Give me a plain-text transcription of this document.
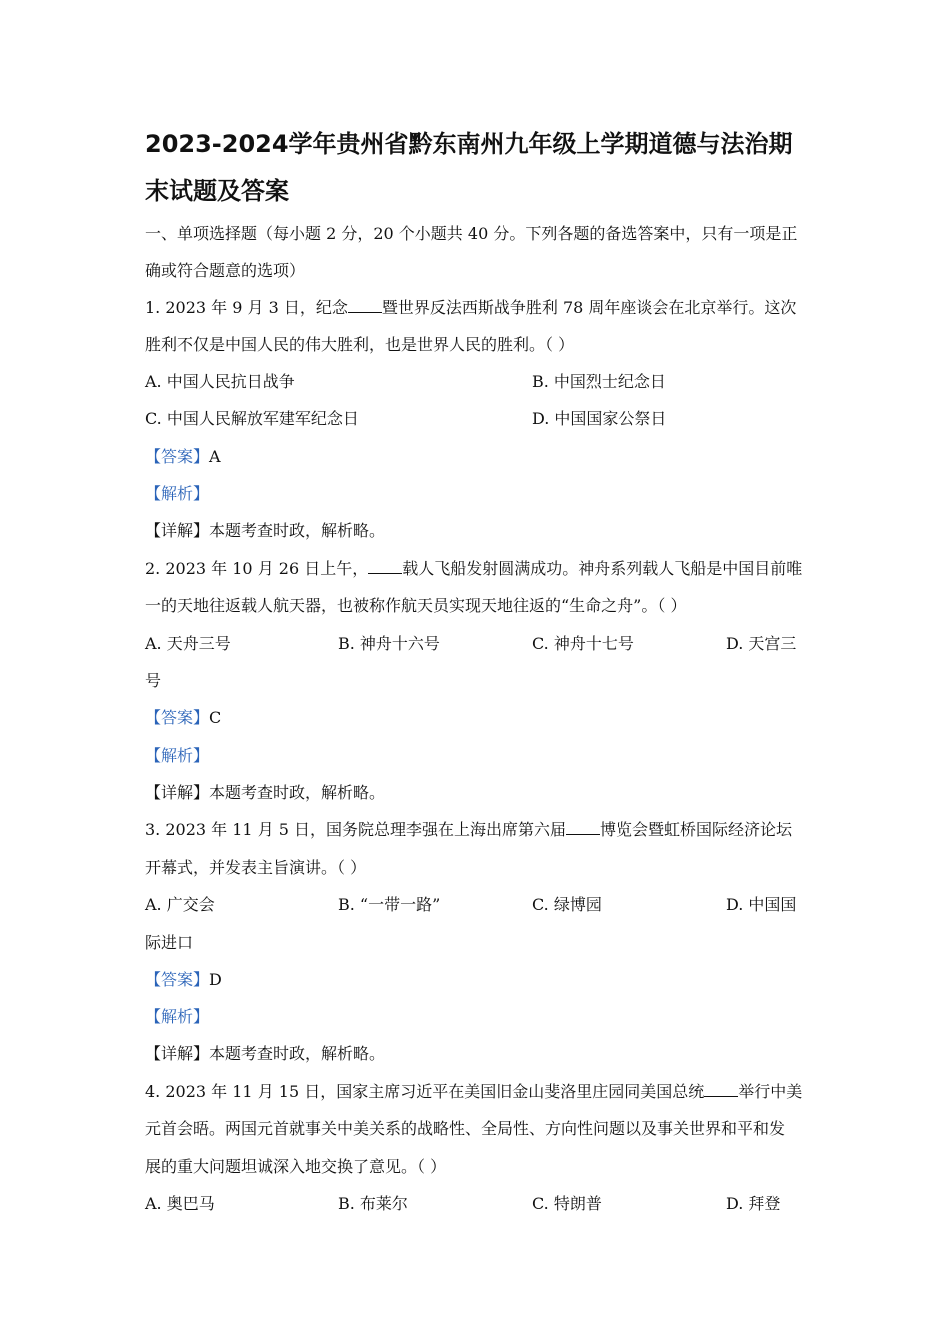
2023-2024学年贵州省黔东南州九年级上学期道德与法治期
末试题及答案
一、单项选择题（每小题 2 分，20 个小题共 40 分。下列各题的备选答案中，只有一项是正
确或符合题意的选项）
1. 2023 年 9 月 3 日，纪念 暨世界反法西斯战争胜利 78 周年座谈会在北京举行。这次
胜利不仅是中国人民的伟大胜利，也是世界人民的胜利。（ ）
A. 中国人民抗日战争	B. 中国烈士纪念日
C. 中国人民解放军建军纪念日	D. 中国国家公祭日
【答案】A
【解析】
【详解】本题考查时政，解析略。
2. 2023 年 10 月 26 日上午， 载人飞船发射圆满成功。神舟系列载人飞船是中国目前唯
一的天地往返载人航天器，也被称作航天员实现天地往返的“生命之舟”。（ ）
A. 天舟三号	B. 神舟十六号	C. 神舟十七号	D. 天宫三
号
【答案】C
【解析】
【详解】本题考查时政，解析略。
3. 2023 年 11 月 5 日，国务院总理李强在上海出席第六届 博览会暨虹桥国际经济论坛
开幕式，并发表主旨演讲。（ ）
A. 广交会	B. “一带一路”	C. 绿博园	D. 中国国
际进口
【答案】D
【解析】
【详解】本题考查时政，解析略。
4. 2023 年 11 月 15 日，国家主席习近平在美国旧金山斐洛里庄园同美国总统 举行中美
元首会晤。两国元首就事关中美关系的战略性、全局性、方向性问题以及事关世界和平和发
展的重大问题坦诚深入地交换了意见。（ ）
A. 奥巴马	B. 布莱尔	C. 特朗普	D. 拜登
